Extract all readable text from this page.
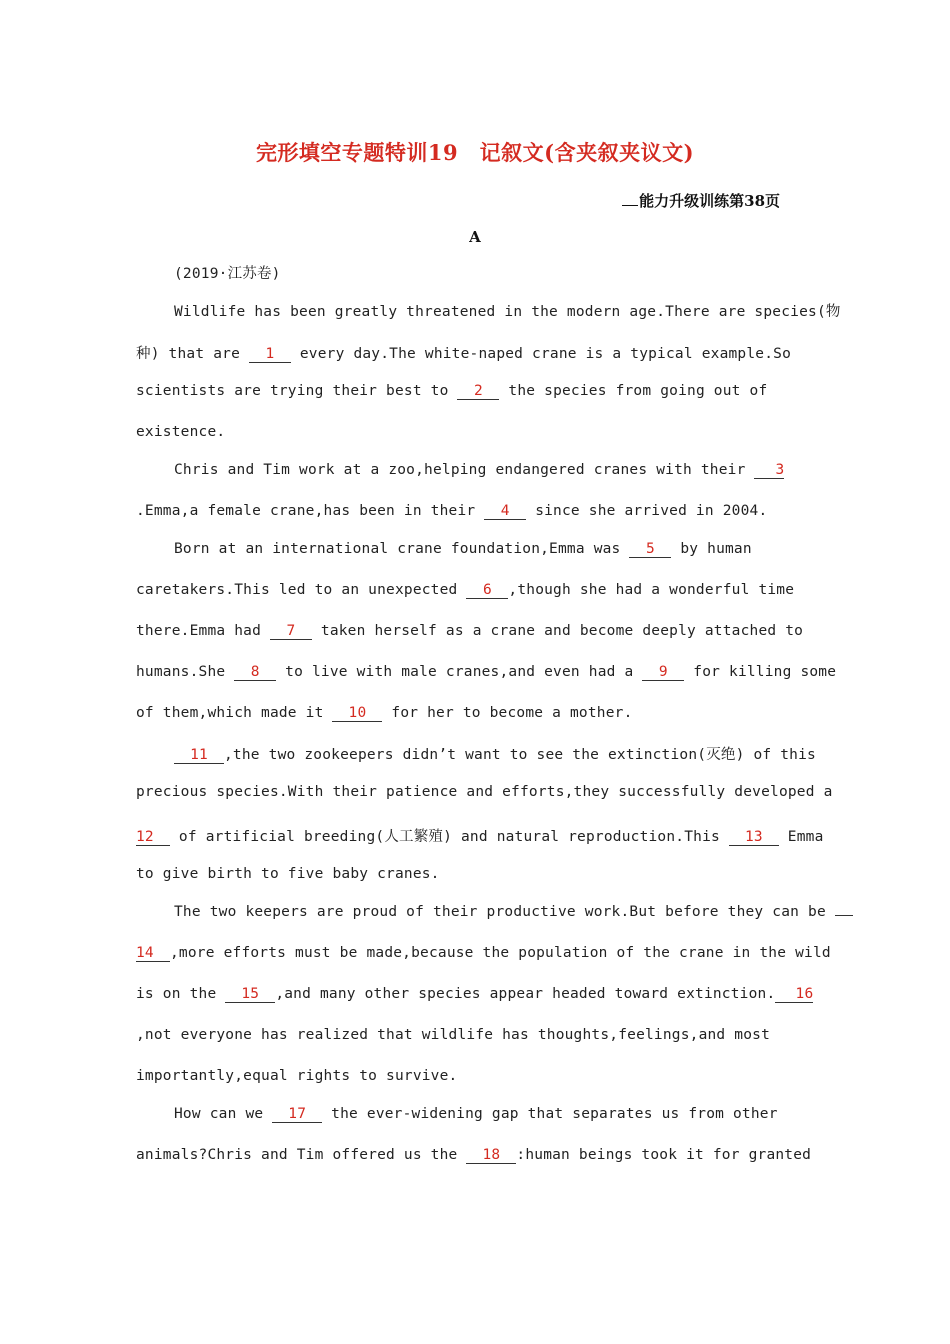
完形填空专题特训19　记叙文(含夹叙夹议文)
能力升级训练第38页
A
(2019·江苏卷)
Wildlife has been greatly threatened in the modern age.There are species(物
种) that are 1 every day.The white-naped crane is a typical example.So
scientists are trying their best to 2 the species from going out of
existence.
Chris and Tim work at a zoo,helping endangered cranes with their 3
.Emma,a female crane,has been in their 4 since she arrived in 2004.
Born at an international crane foundation,Emma was 5 by human
caretakers.This led to an unexpected 6 ,though she had a wonderful time
there.Emma had 7 taken herself as a crane and become deeply attached to
humans.She 8 to live with male cranes,and even had a 9 for killing some
of them,which made it 10 for her to become a mother.
11 ,the two zookeepers didn’t want to see the extinction(灭绝) of this
precious species.With their patience and efforts,they successfully developed a
12 of artificial breeding(人工繁殖) and natural reproduction.This 13 Emma
to give birth to five baby cranes.
The two keepers are proud of their productive work.But before they can be
14 ,more efforts must be made,because the population of the crane in the wild
is on the 15 ,and many other species appear headed toward extinction. 16
,not everyone has realized that wildlife has thoughts,feelings,and most
importantly,equal rights to survive.
How can we 17 the ever-widening gap that separates us from other
animals?Chris and Tim offered us the 18 :human beings took it for granted
